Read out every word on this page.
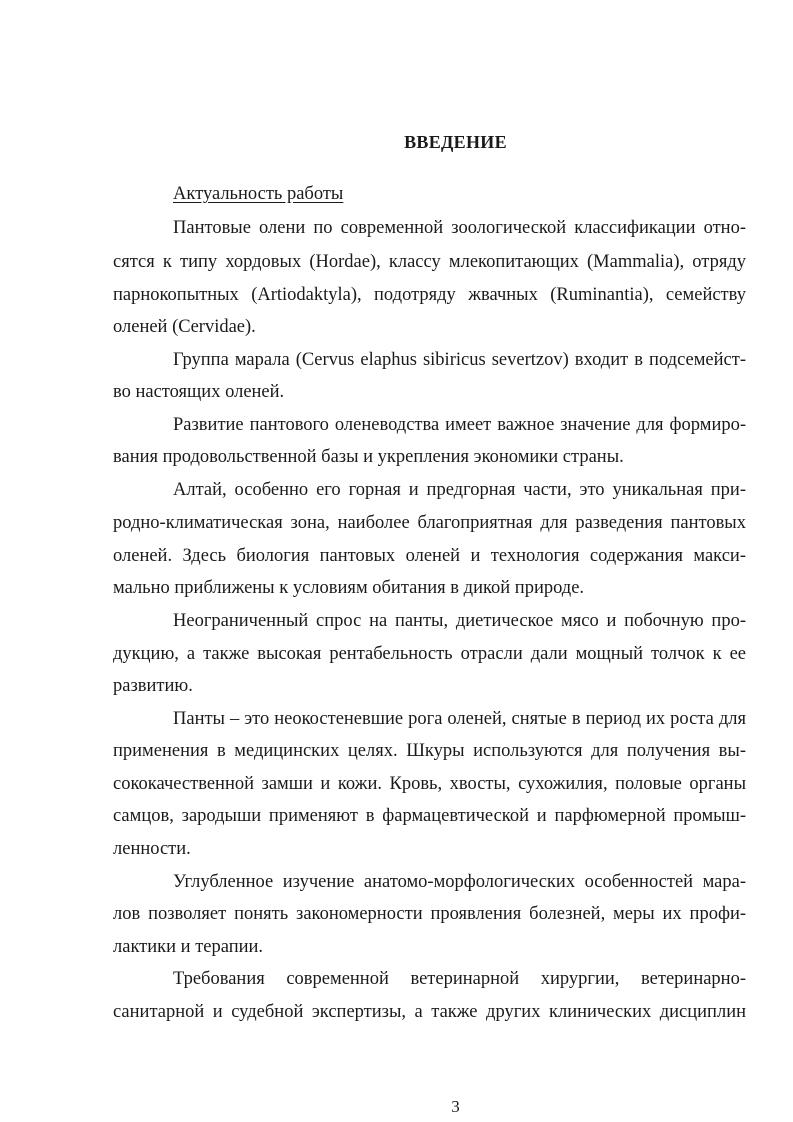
ВВЕДЕНИЕ
Актуальность работы
Пантовые олени по современной зоологической классификации отно-
сятся к типу хордовых (Hordae), классу млекопитающих (Mammalia), отряду
парнокопытных (Artiodaktyla), подотряду жвачных (Ruminantia), семейству
оленей (Cervidae).
Группа марала (Cervus elaphus sibiricus severtzov) входит в подсемейст-
во настоящих оленей.
Развитие пантового оленеводства имеет важное значение для формиро-
вания продовольственной базы и укрепления экономики страны.
Алтай, особенно его горная и предгорная части, это уникальная при-
родно-климатическая зона, наиболее благоприятная для разведения пантовых
оленей. Здесь биология пантовых оленей и технология содержания макси-
мально приближены к условиям обитания в дикой природе.
Неограниченный спрос на панты, диетическое мясо и побочную про-
дукцию, а также высокая рентабельность отрасли дали мощный толчок к ее
развитию.
Панты – это неокостеневшие рога оленей, снятые в период их роста для
применения в медицинских целях. Шкуры используются для получения вы-
сококачественной замши и кожи. Кровь, хвосты, сухожилия, половые органы
самцов, зародыши применяют в фармацевтической и парфюмерной промыш-
ленности.
Углубленное изучение анатомо-морфологических особенностей мара-
лов позволяет понять закономерности проявления болезней, меры их профи-
лактики и терапии.
Требования современной ветеринарной хирургии, ветеринарно-
санитарной и судебной экспертизы, а также других клинических дисциплин
3
